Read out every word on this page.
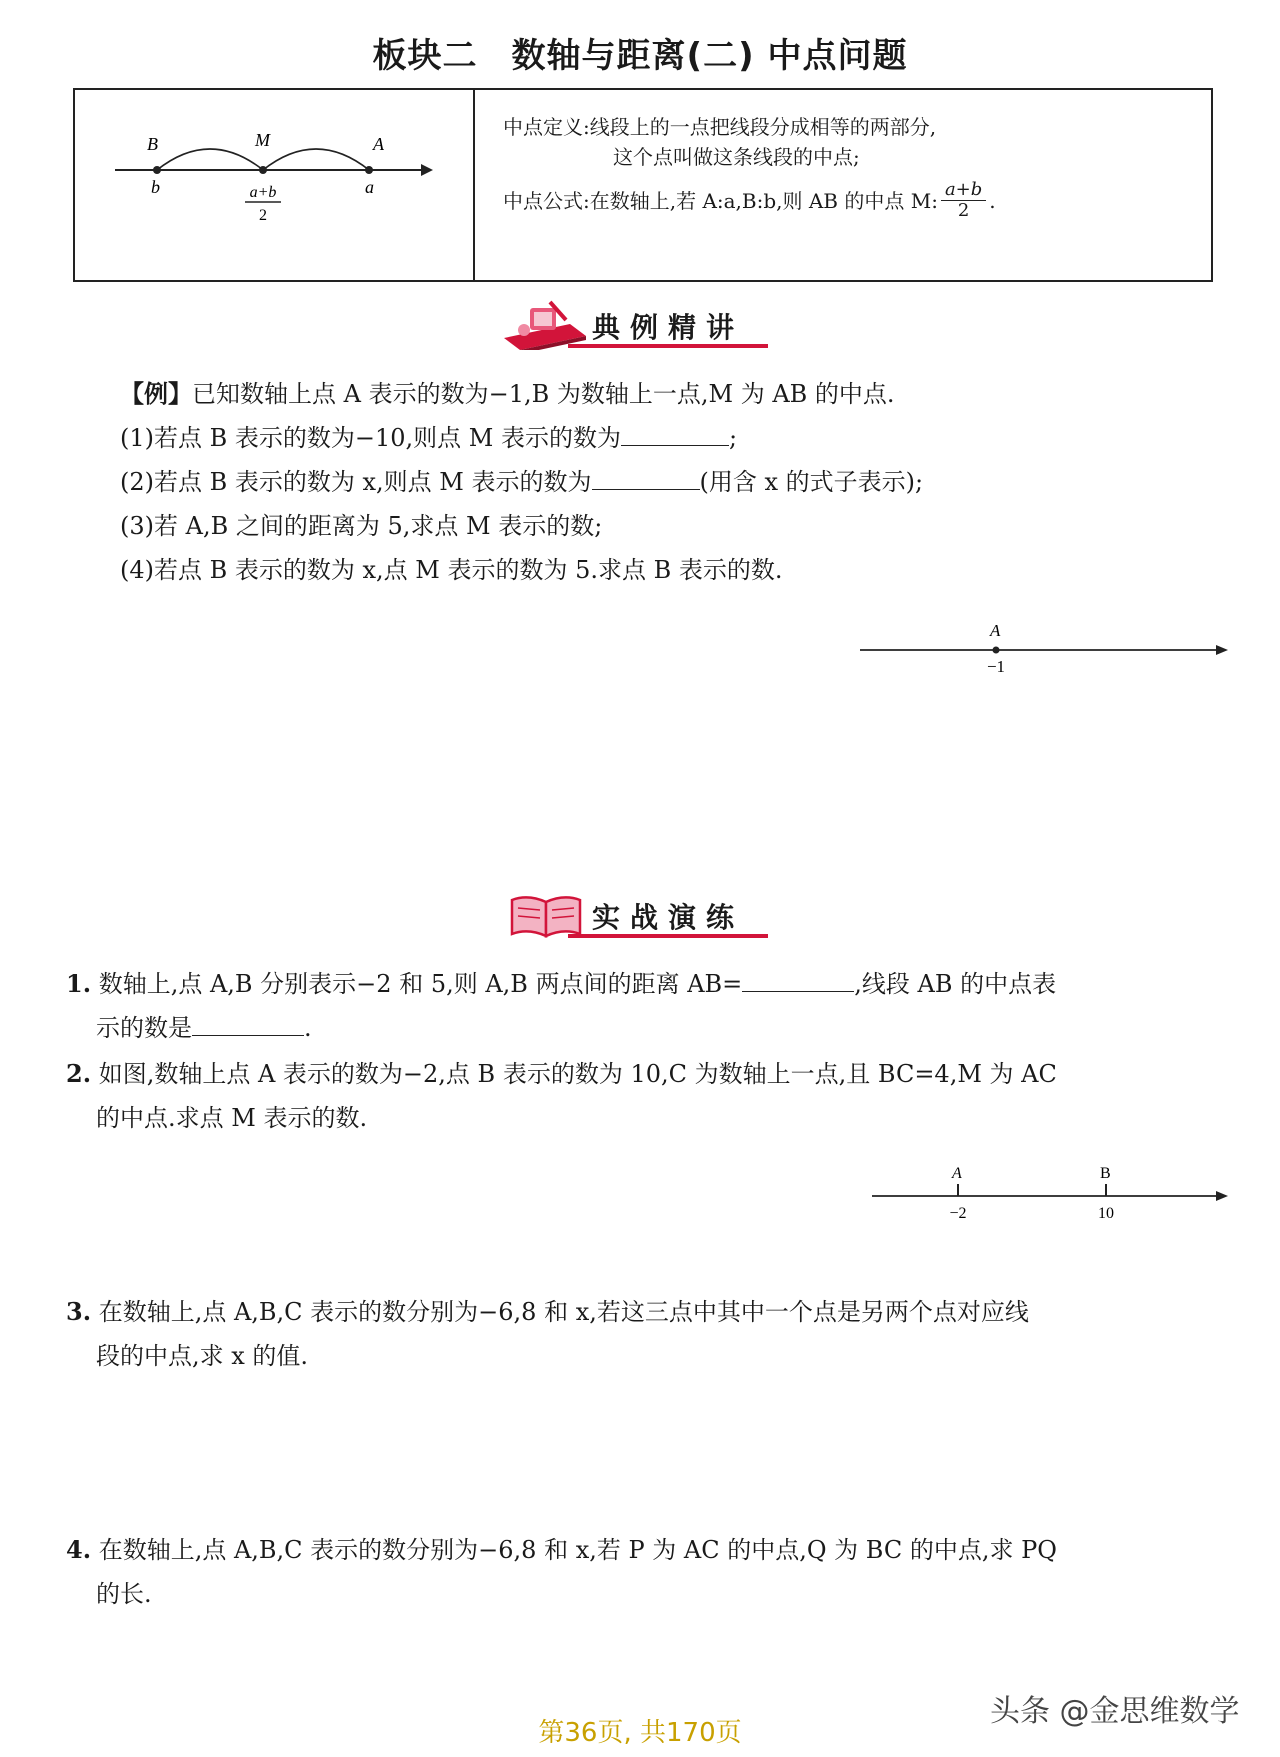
板块二 数轴与距离(二) 中点问题
B	M	A
b	a
a+b
2
中点定义:线段上的一点把线段分成相等的两部分,
这个点叫做这条线段的中点;
中点公式:在数轴上,若 A:a,B:b,则 AB 的中点 M: $\frac{a+b}{2}$ .
典例精讲
【例】已知数轴上点 A 表示的数为−1,B 为数轴上一点,M 为 AB 的中点.
(1)若点 B 表示的数为−10,则点 M 表示的数为	;
(2)若点 B 表示的数为 x,则点 M 表示的数为	(用含 x 的式子表示);
(3)若 A,B 之间的距离为 5,求点 M 表示的数;
(4)若点 B 表示的数为 x,点 M 表示的数为 5.求点 B 表示的数.
A
−1
实战演练
1. 数轴上,点 A,B 分别表示−2 和 5,则 A,B 两点间的距离 AB=	,线段 AB 的中点表
示的数是	.
2. 如图,数轴上点 A 表示的数为−2,点 B 表示的数为 10,C 为数轴上一点,且 BC=4,M 为 AC
的中点.求点 M 表示的数.
A	B
−2	10
3. 在数轴上,点 A,B,C 表示的数分别为−6,8 和 x,若这三点中其中一个点是另两个点对应线
段的中点,求 x 的值.
4. 在数轴上,点 A,B,C 表示的数分别为−6,8 和 x,若 P 为 AC 的中点,Q 为 BC 的中点,求 PQ
的长.
头条 @金思维数学
第36页, 共170页
